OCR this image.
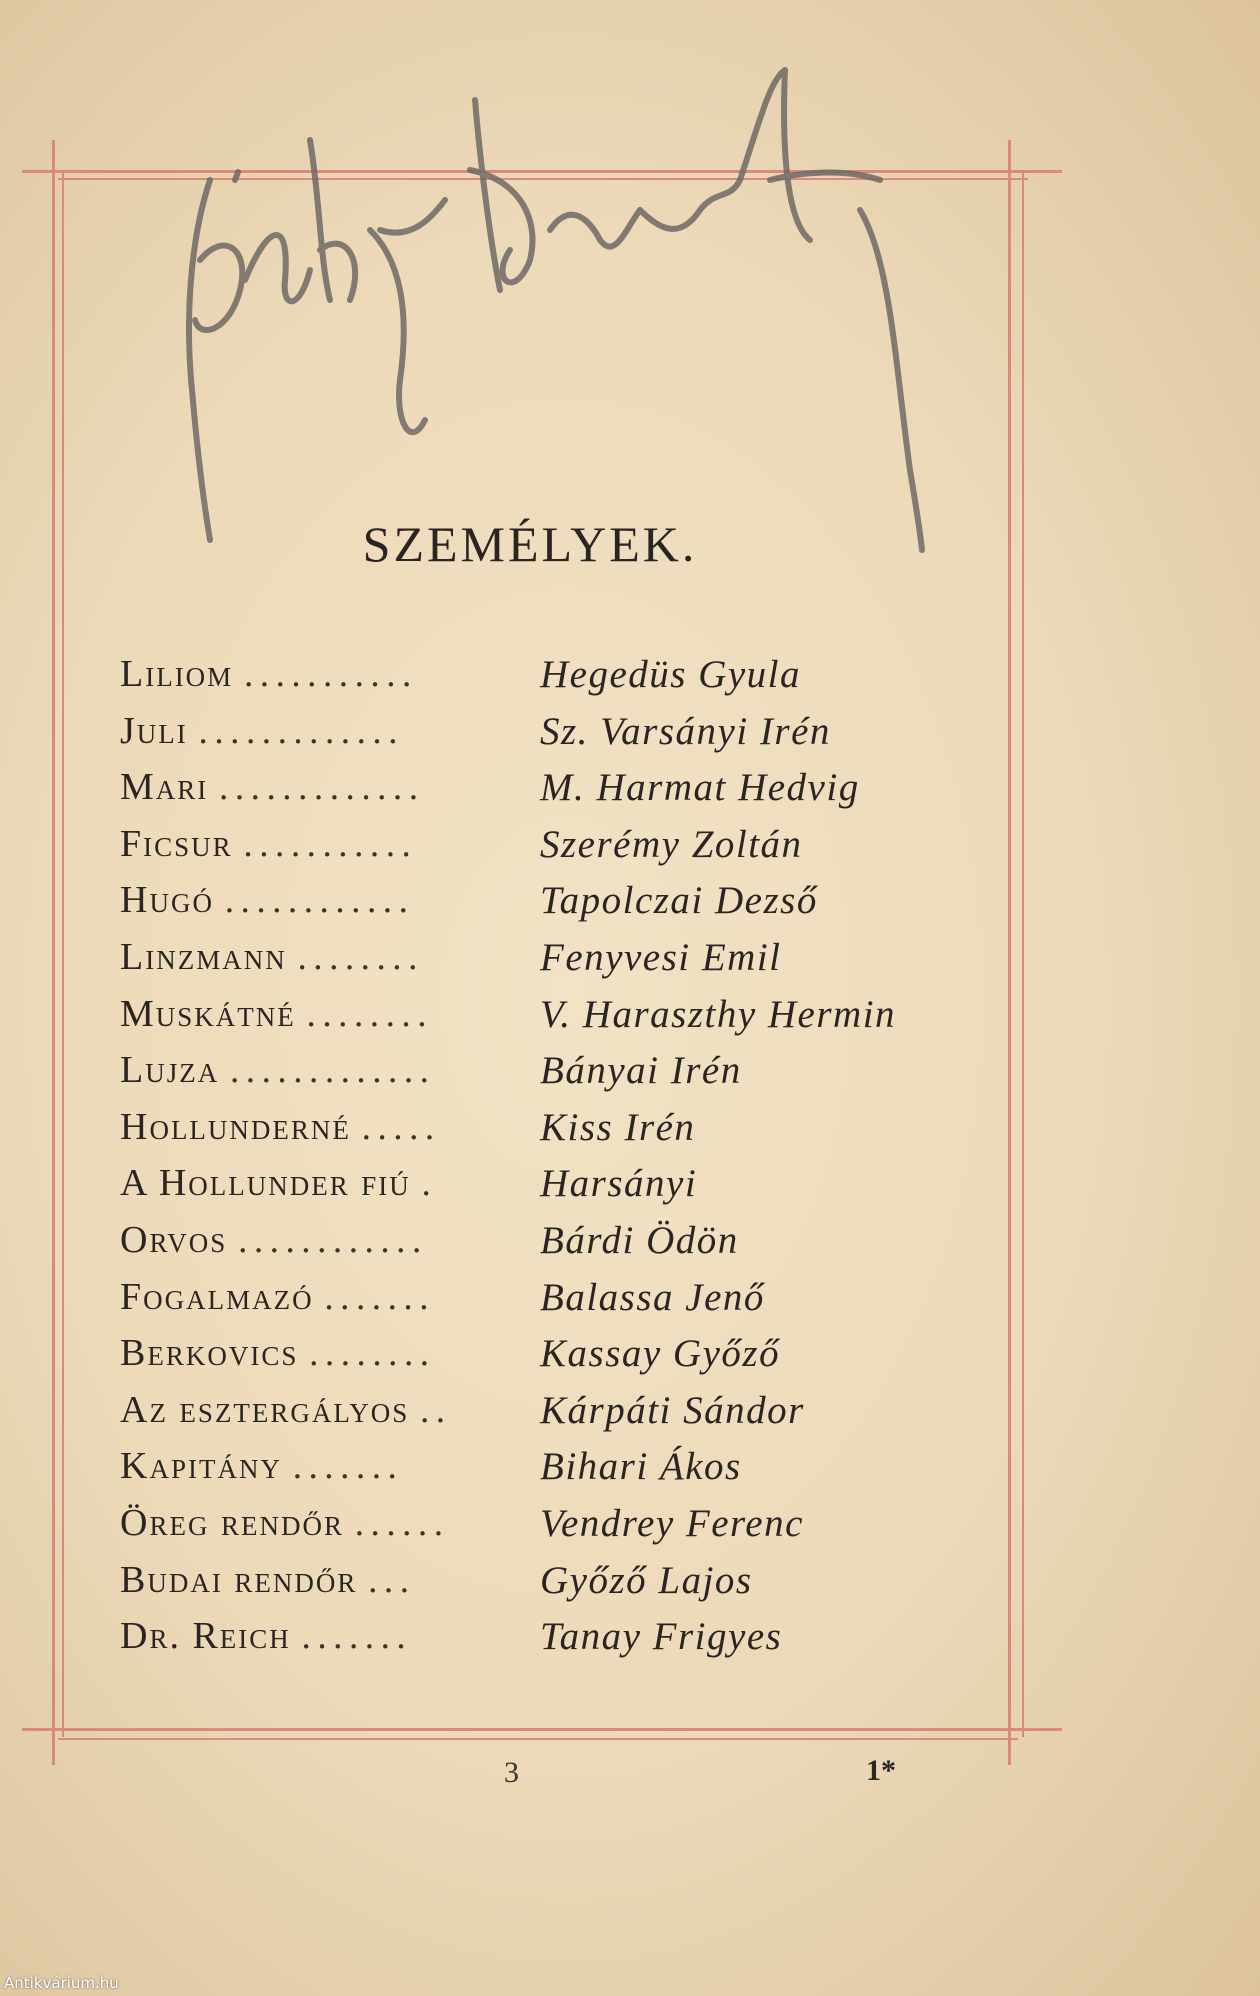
SZEMÉLYEK.
Liliom ...........	Hegedüs Gyula
Juli .............	Sz. Varsányi Irén
Mari .............	M. Harmat Hedvig
Ficsur ...........	Szerémy Zoltán
Hugó ............	Tapolczai Dezső
Linzmann ........	Fenyvesi Emil
Muskátné ........	V. Haraszthy Hermin
Lujza .............	Bányai Irén
Hollunderné .....	Kiss Irén
A Hollunder fiú .	Harsányi
Orvos ............	Bárdi Ödön
Fogalmazó .......	Balassa Jenő
Berkovics ........	Kassay Győző
Az esztergályos .. Kárpáti Sándor
Kapitány .......	Bihari Ákos
Öreg rendőr ...... Vendrey Ferenc
Budai rendőr ...	Győző Lajos
Dr. Reich .......	Tanay Frigyes
3	1*
Antikvárium.hu
